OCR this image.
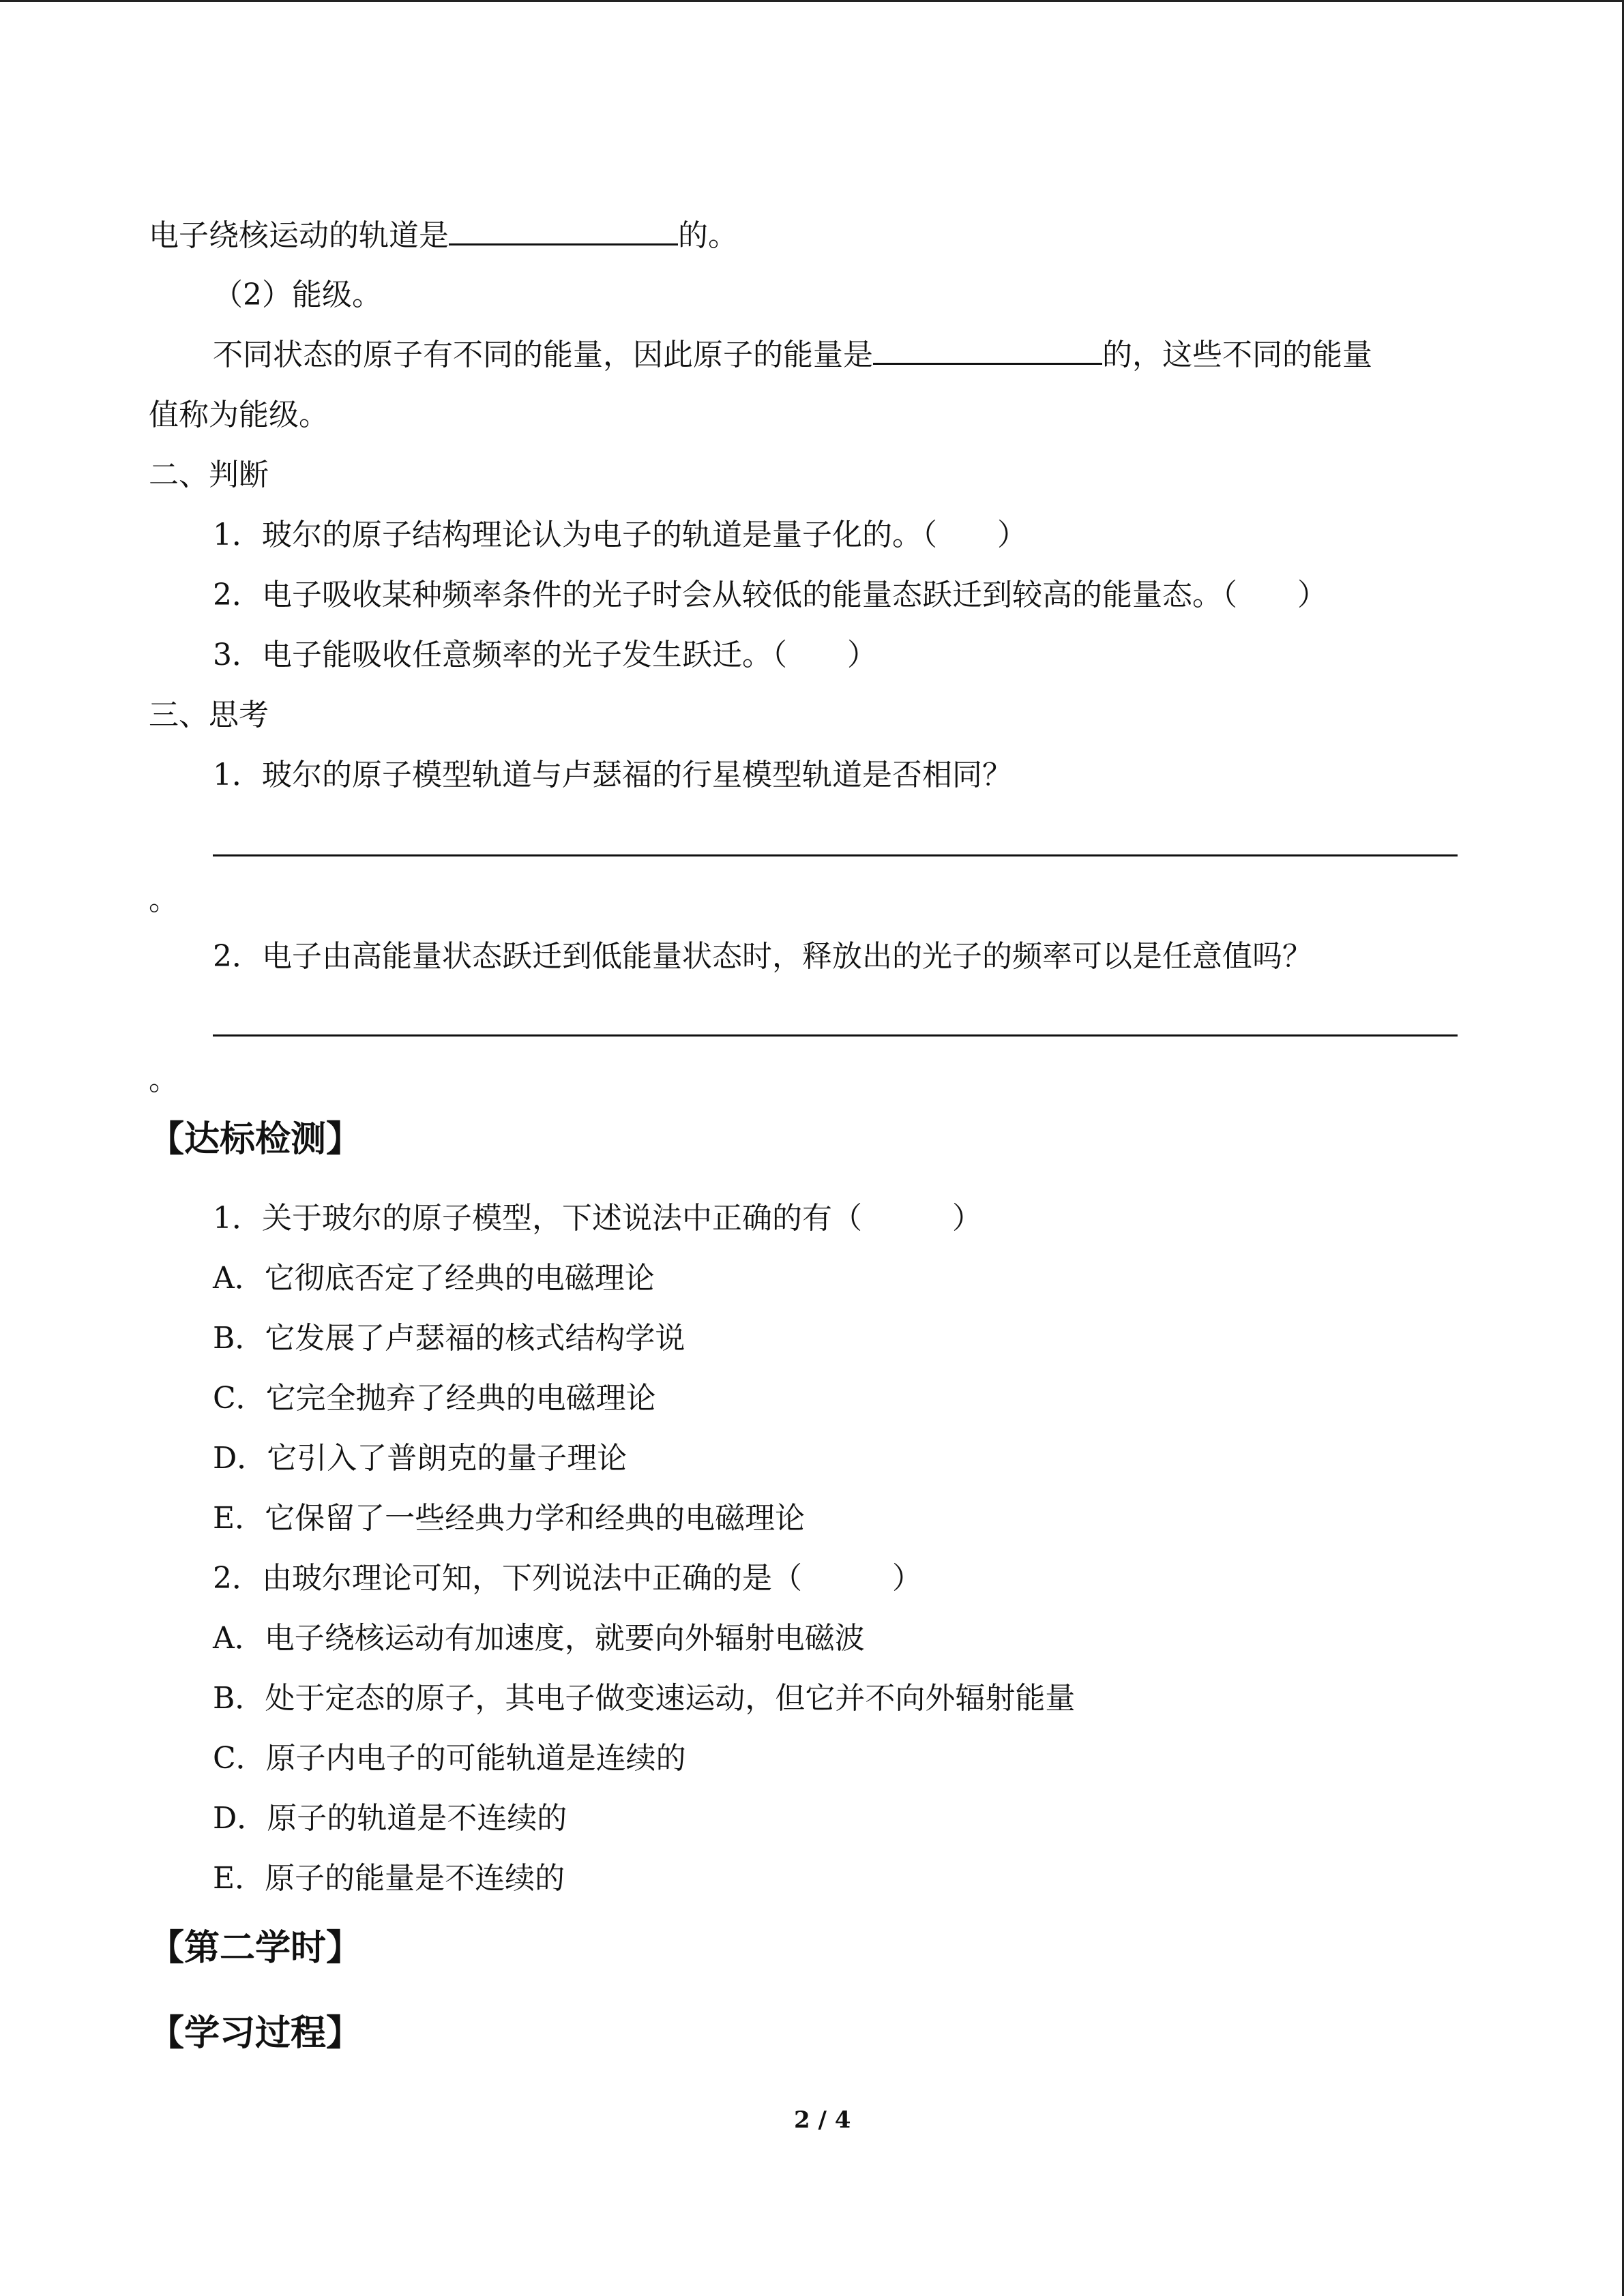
电子绕核运动的轨道是	的。
（2）能级。
不同状态的原子有不同的能量，因此原子的能量是	的，这些不同的能量
值称为能级。
二、判断
1．玻尔的原子结构理论认为电子的轨道是量子化的。（　　）
2．电子吸收某种频率条件的光子时会从较低的能量态跃迁到较高的能量态。（　　）
3．电子能吸收任意频率的光子发生跃迁。（　　）
三、思考
1．玻尔的原子模型轨道与卢瑟福的行星模型轨道是否相同？
。
2．电子由高能量状态跃迁到低能量状态时，释放出的光子的频率可以是任意值吗？
。
【达标检测】
1．关于玻尔的原子模型，下述说法中正确的有（　　　）
A．它彻底否定了经典的电磁理论
B．它发展了卢瑟福的核式结构学说
C．它完全抛弃了经典的电磁理论
D．它引入了普朗克的量子理论
E．它保留了一些经典力学和经典的电磁理论
2．由玻尔理论可知，下列说法中正确的是（　　　）
A．电子绕核运动有加速度，就要向外辐射电磁波
B．处于定态的原子，其电子做变速运动，但它并不向外辐射能量
C．原子内电子的可能轨道是连续的
D．原子的轨道是不连续的
E．原子的能量是不连续的
【第二学时】
【学习过程】
2 / 4
